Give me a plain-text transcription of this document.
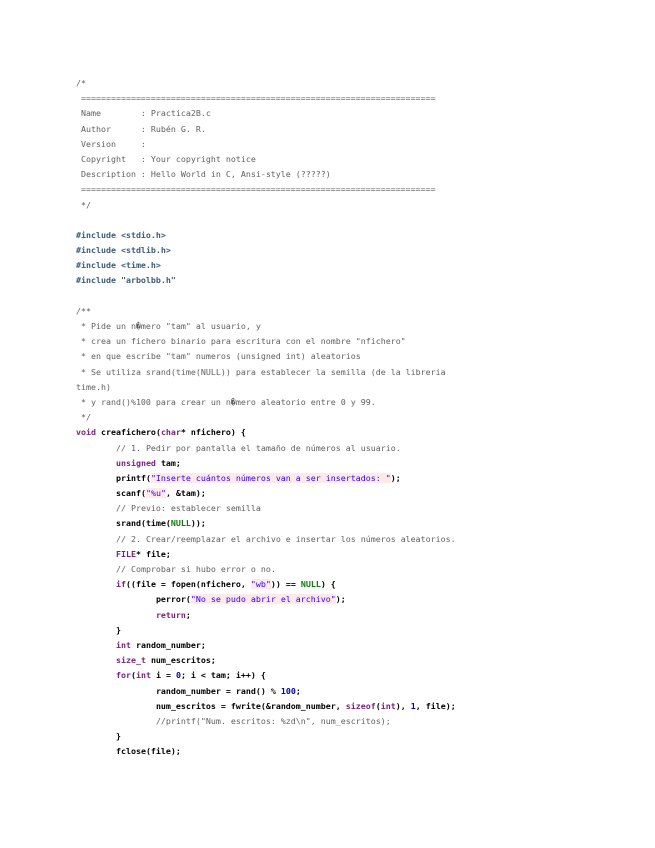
/*
=======================================================================
Name        : Practica2B.c
Author      : Rubén G. R.
Version     :
Copyright   : Your copyright notice
Description : Hello World in C, Ansi-style (?????)
=======================================================================
*/
#include <stdio.h>
#include <stdlib.h>
#include <time.h>
#include "arbolbb.h"
/**
* Pide un n�mero "tam" al usuario, y
* crea un fichero binario para escritura con el nombre "nfichero"
* en que escribe "tam" numeros (unsigned int) aleatorios
* Se utiliza srand(time(NULL)) para establecer la semilla (de la libreria
time.h)
* y rand()%100 para crear un n�mero aleatorio entre 0 y 99.
*/
void creafichero(char* nfichero) {
// 1. Pedir por pantalla el tamaño de números al usuario.
unsigned tam;
printf("Inserte cuántos números van a ser insertados: ");
scanf("%u", &tam);
// Previo: establecer semilla
srand(time(NULL));
// 2. Crear/reemplazar el archivo e insertar los números aleatorios.
FILE* file;
// Comprobar si hubo error o no.
if((file = fopen(nfichero, "wb")) == NULL) {
perror("No se pudo abrir el archivo");
return;
}
int random_number;
size_t num_escritos;
for(int i = 0; i < tam; i++) {
random_number = rand() % 100;
num_escritos = fwrite(&random_number, sizeof(int), 1, file);
//printf("Num. escritos: %zd\n", num_escritos);
}
fclose(file);
